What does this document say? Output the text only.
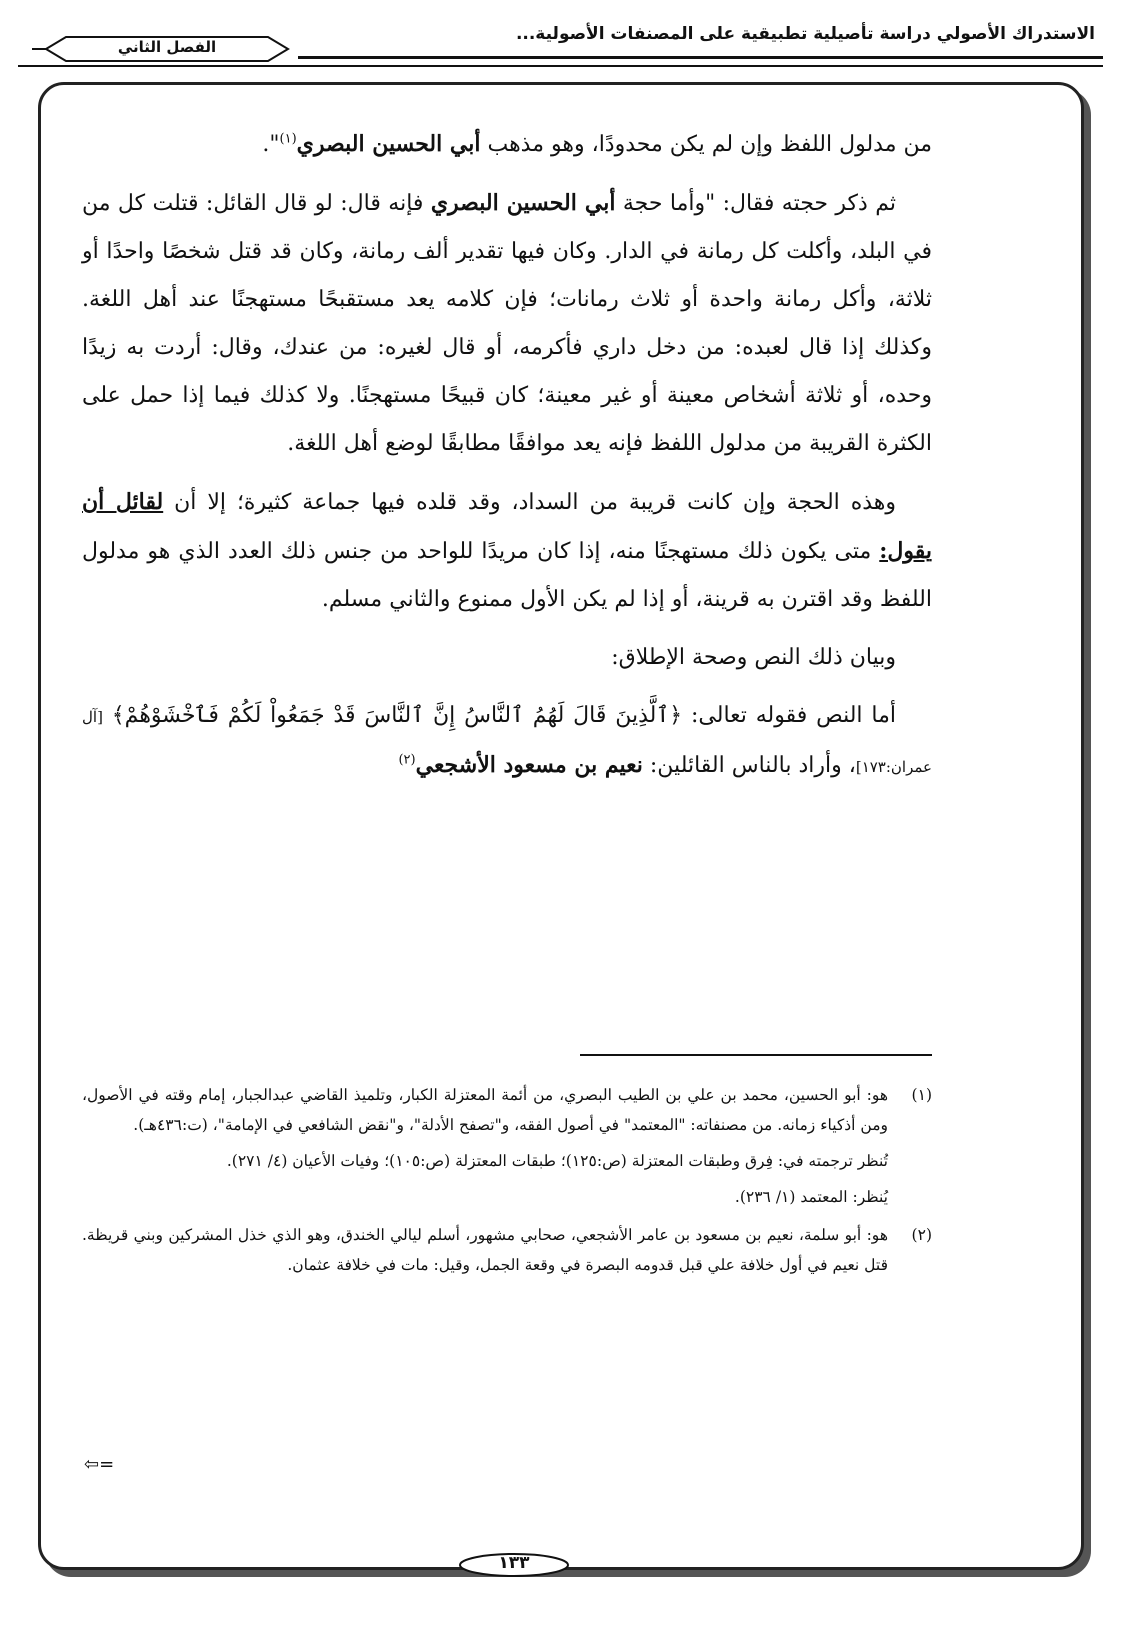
الاستدراك الأصولي دراسة تأصيلية تطبيقية على المصنفات الأصولية...
الفصل الثاني

من مدلول اللفظ وإن لم يكن محدودًا، وهو مذهب أبي الحسين البصري$^{(١)}$".

ثم ذكر حجته فقال: "وأما حجة أبي الحسين البصري فإنه قال: لو قال القائل: قتلت كل من في البلد، وأكلت كل رمانة في الدار. وكان فيها تقدير ألف رمانة، وكان قد قتل شخصًا واحدًا أو ثلاثة، وأكل رمانة واحدة أو ثلاث رمانات؛ فإن كلامه يعد مستقبحًا مستهجنًا عند أهل اللغة. وكذلك إذا قال لعبده: من دخل داري فأكرمه، أو قال لغيره: من عندك، وقال: أردت به زيدًا وحده، أو ثلاثة أشخاص معينة أو غير معينة؛ كان قبيحًا مستهجنًا. ولا كذلك فيما إذا حمل على الكثرة القريبة من مدلول اللفظ فإنه يعد موافقًا مطابقًا لوضع أهل اللغة.

وهذه الحجة وإن كانت قريبة من السداد، وقد قلده فيها جماعة كثيرة؛ إلا أن لقائل أن يقول: متى يكون ذلك مستهجنًا منه، إذا كان مريدًا للواحد من جنس ذلك العدد الذي هو مدلول اللفظ وقد اقترن به قرينة، أو إذا لم يكن الأول ممنوع والثاني مسلم.

وبيان ذلك النص وصحة الإطلاق:

أما النص فقوله تعالى: ﴿ٱلَّذِينَ قَالَ لَهُمُ ٱلنَّاسُ إِنَّ ٱلنَّاسَ قَدْ جَمَعُواْ لَكُمْ فَٱخْشَوْهُمْ﴾ [آل عمران:١٧٣]، وأراد بالناس القائلين: نعيم بن مسعود الأشجعي$^{(٢)}$

(١)

هو: أبو الحسين، محمد بن علي بن الطيب البصري، من أئمة المعتزلة الكبار، وتلميذ القاضي عبدالجبار، إمام وقته في الأصول، ومن أذكياء زمانه. من مصنفاته: "المعتمد" في أصول الفقه، و"تصفح الأدلة"، و"نقض الشافعي في الإمامة"، (ت:٤٣٦هـ).

تُنظر ترجمته في: فِرق وطبقات المعتزلة (ص:١٢٥)؛ طبقات المعتزلة (ص:١٠٥)؛ وفيات الأعيان (٤/ ٢٧١).

يُنظر: المعتمد (١/ ٢٣٦).

(٢)

هو: أبو سلمة، نعيم بن مسعود بن عامر الأشجعي، صحابي مشهور، أسلم ليالي الخندق، وهو الذي خذل المشركين وبني قريظة. قتل نعيم في أول خلافة علي قبل قدومه البصرة في وقعة الجمل، وقيل: مات في خلافة عثمان.

⇦=
١٣٣
